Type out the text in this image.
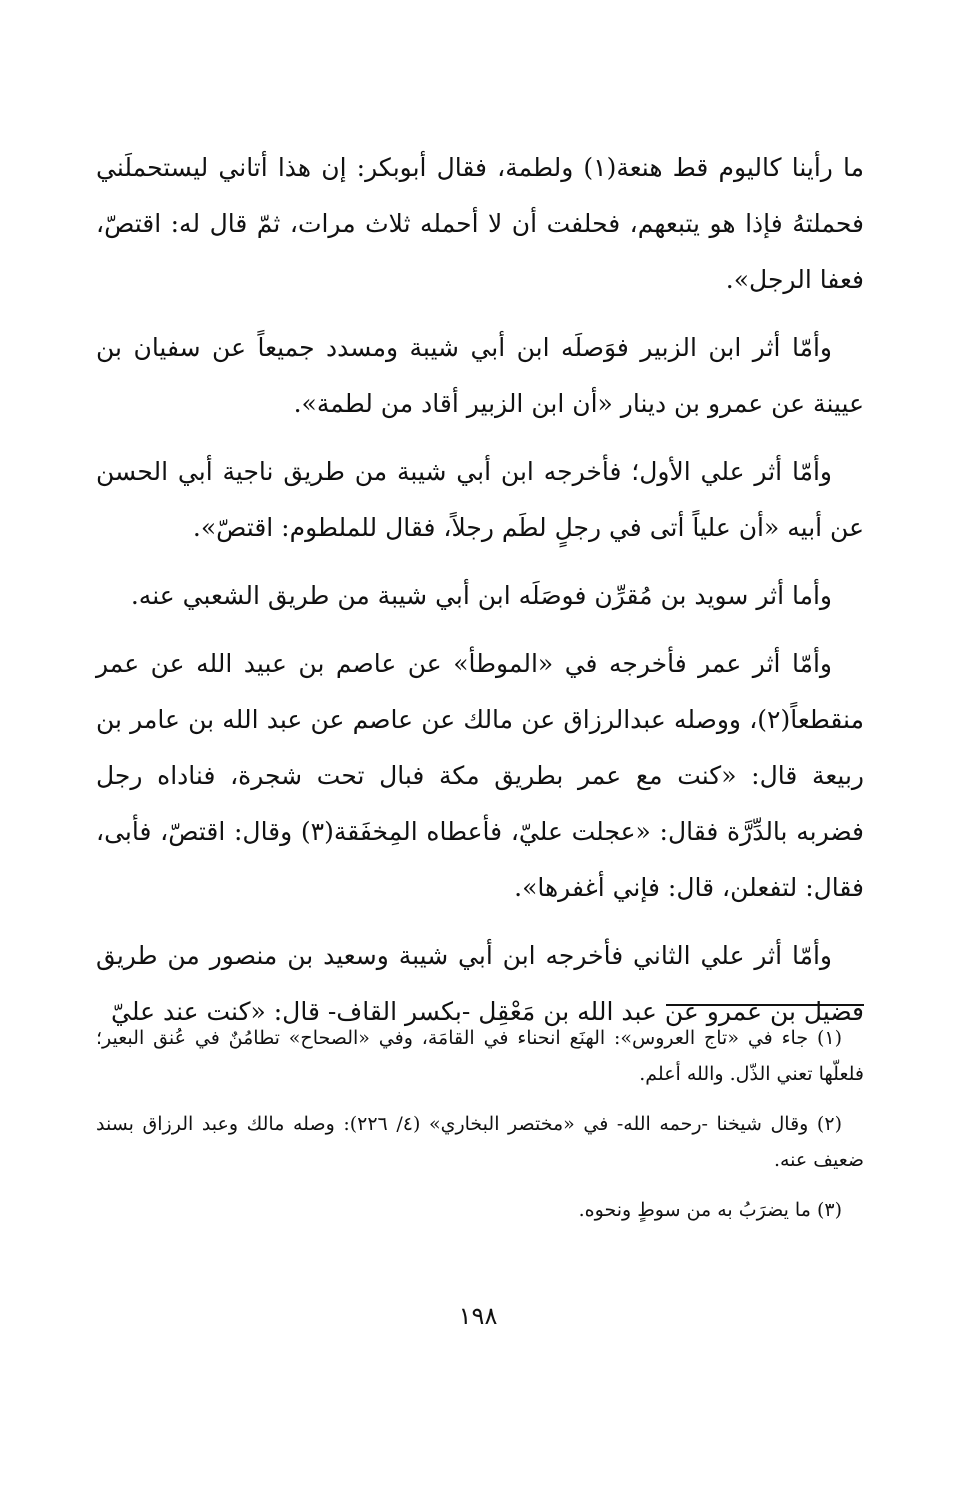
ما رأينا كاليوم قط هنعة(١) ولطمة، فقال أبوبكر: إن هذا أتاني ليستحملَني فحملتهُ فإذا هو يتبعهم، فحلفت أن لا أحمله ثلاث مرات، ثمّ قال له: اقتصّ، فعفا الرجل».

وأمّا أثر ابن الزبير فوَصلَه ابن أبي شيبة ومسدد جميعاً عن سفيان بن عيينة عن عمرو بن دينار «أن ابن الزبير أقاد من لطمة».

وأمّا أثر علي الأول؛ فأخرجه ابن أبي شيبة من طريق ناجية أبي الحسن عن أبيه «أن علياً أتى في رجلٍ لطَم رجلاً، فقال للملطوم: اقتصّ».

وأما أثر سويد بن مُقرِّن فوصَلَه ابن أبي شيبة من طريق الشعبي عنه.

وأمّا أثر عمر فأخرجه في «الموطأ» عن عاصم بن عبيد الله عن عمر منقطعاً(٢)، ووصله عبدالرزاق عن مالك عن عاصم عن عبد الله بن عامر بن ربيعة قال: «كنت مع عمر بطريق مكة فبال تحت شجرة، فناداه رجل فضربه بالدِّرَّة فقال: «عجلت عليّ، فأعطاه المِخفَقة(٣) وقال: اقتصّ، فأبى، فقال: لتفعلن، قال: فإني أغفرها».

وأمّا أثر علي الثاني فأخرجه ابن أبي شيبة وسعيد بن منصور من طريق فضيل بن عمرو عن عبد الله بن مَعْقِل -بكسر القاف- قال: «كنت عند عليّ

(١) جاء في «تاج العروس»: الهنَع انحناء في القامَة، وفي «الصحاح» تطامُنٌ في عُنق البعير؛ فلعلّها تعني الذّل. والله أعلم.

(٢) وقال شيخنا -رحمه الله- في «مختصر البخاري» (٤/ ٢٢٦): وصله مالك وعبد الرزاق بسند ضعيف عنه.

(٣) ما يضرَبُ به من سوطٍ ونحوه.

١٩٨
